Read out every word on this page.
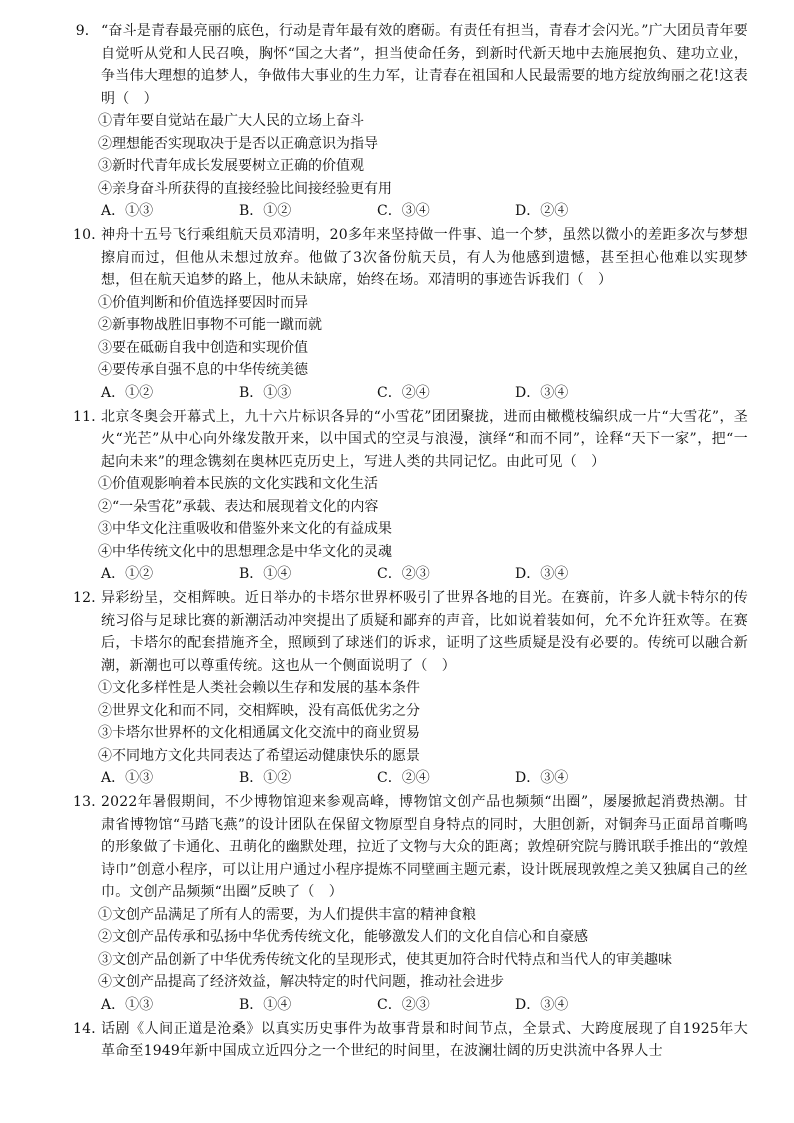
9． “奋斗是青春最亮丽的底色，行动是青年最有效的磨砺。有责任有担当，青春才会闪光。”广大团员青年要自觉听从党和人民召唤，胸怀“国之大者”，担当使命任务，到新时代新天地中去施展抱负、建功立业，争当伟大理想的追梦人，争做伟大事业的生力军，让青春在祖国和人民最需要的地方绽放绚丽之花!这表明（　）
①青年要自觉站在最广大人民的立场上奋斗
②理想能否实现取决于是否以正确意识为指导
③新时代青年成长发展要树立正确的价值观
④亲身奋斗所获得的直接经验比间接经验更有用
A．①③	B．①②	C．③④	D．②④
10．
神舟十五号飞行乘组航天员邓清明，20多年来坚持做一件事、追一个梦，虽然以微小的差距多次与梦想擦肩而过，但他从未想过放弃。他做了3次备份航天员，有人为他感到遗憾，甚至担心他难以实现梦想，但在航天追梦的路上，他从未缺席，始终在场。邓清明的事迹告诉我们（　）
①价值判断和价值选择要因时而异
②新事物战胜旧事物不可能一蹴而就
③要在砥砺自我中创造和实现价值
④要传承自强不息的中华传统美德
A．①②	B．①③	C．②④	D．③④
11．
北京冬奥会开幕式上，九十六片标识各异的“小雪花”团团聚拢，进而由橄榄枝编织成一片“大雪花”，圣火“光芒”从中心向外缘发散开来，以中国式的空灵与浪漫，演绎“和而不同”，诠释“天下一家”，把“一起向未来”的理念镌刻在奥林匹克历史上，写进人类的共同记忆。由此可见（　）
①价值观影响着本民族的文化实践和文化生活
②“一朵雪花”承载、表达和展现着文化的内容
③中华文化注重吸收和借鉴外来文化的有益成果
④中华传统文化中的思想理念是中华文化的灵魂
A．①②	B．①④	C．②③	D．③④
12．
异彩纷呈，交相辉映。近日举办的卡塔尔世界杯吸引了世界各地的目光。在赛前，许多人就卡特尔的传统习俗与足球比赛的新潮活动冲突提出了质疑和鄙弃的声音，比如说着装如何，允不允许狂欢等。在赛后，卡塔尔的配套措施齐全，照顾到了球迷们的诉求，证明了这些质疑是没有必要的。传统可以融合新潮，新潮也可以尊重传统。这也从一个侧面说明了（　）
①文化多样性是人类社会赖以生存和发展的基本条件
②世界文化和而不同，交相辉映，没有高低优劣之分
③卡塔尔世界杯的文化相通属文化交流中的商业贸易
④不同地方文化共同表达了希望运动健康快乐的愿景
A．①③	B．①②	C．②④	D．③④
13．
2022年暑假期间，不少博物馆迎来参观高峰，博物馆文创产品也频频“出圈”，屡屡掀起消费热潮。甘肃省博物馆“马踏飞燕”的设计团队在保留文物原型自身特点的同时，大胆创新，对铜奔马正面昂首嘶鸣的形象做了卡通化、丑萌化的幽默处理，拉近了文物与大众的距离；敦煌研究院与腾讯联手推出的“敦煌诗巾”创意小程序，可以让用户通过小程序提炼不同壁画主题元素，设计既展现敦煌之美又独属自己的丝巾。文创产品频频“出圈”反映了（　）
①文创产品满足了所有人的需要，为人们提供丰富的精神食粮
②文创产品传承和弘扬中华优秀传统文化，能够激发人们的文化自信心和自豪感
③文创产品创新了中华优秀传统文化的呈现形式，使其更加符合时代特点和当代人的审美趣味
④文创产品提高了经济效益，解决特定的时代问题，推动社会进步
A．①③	B．①④	C．②③	D．③④
14．
话剧《人间正道是沧桑》以真实历史事件为故事背景和时间节点，全景式、大跨度展现了自1925年大革命至1949年新中国成立近四分之一个世纪的时间里，在波澜壮阔的历史洪流中各界人士
